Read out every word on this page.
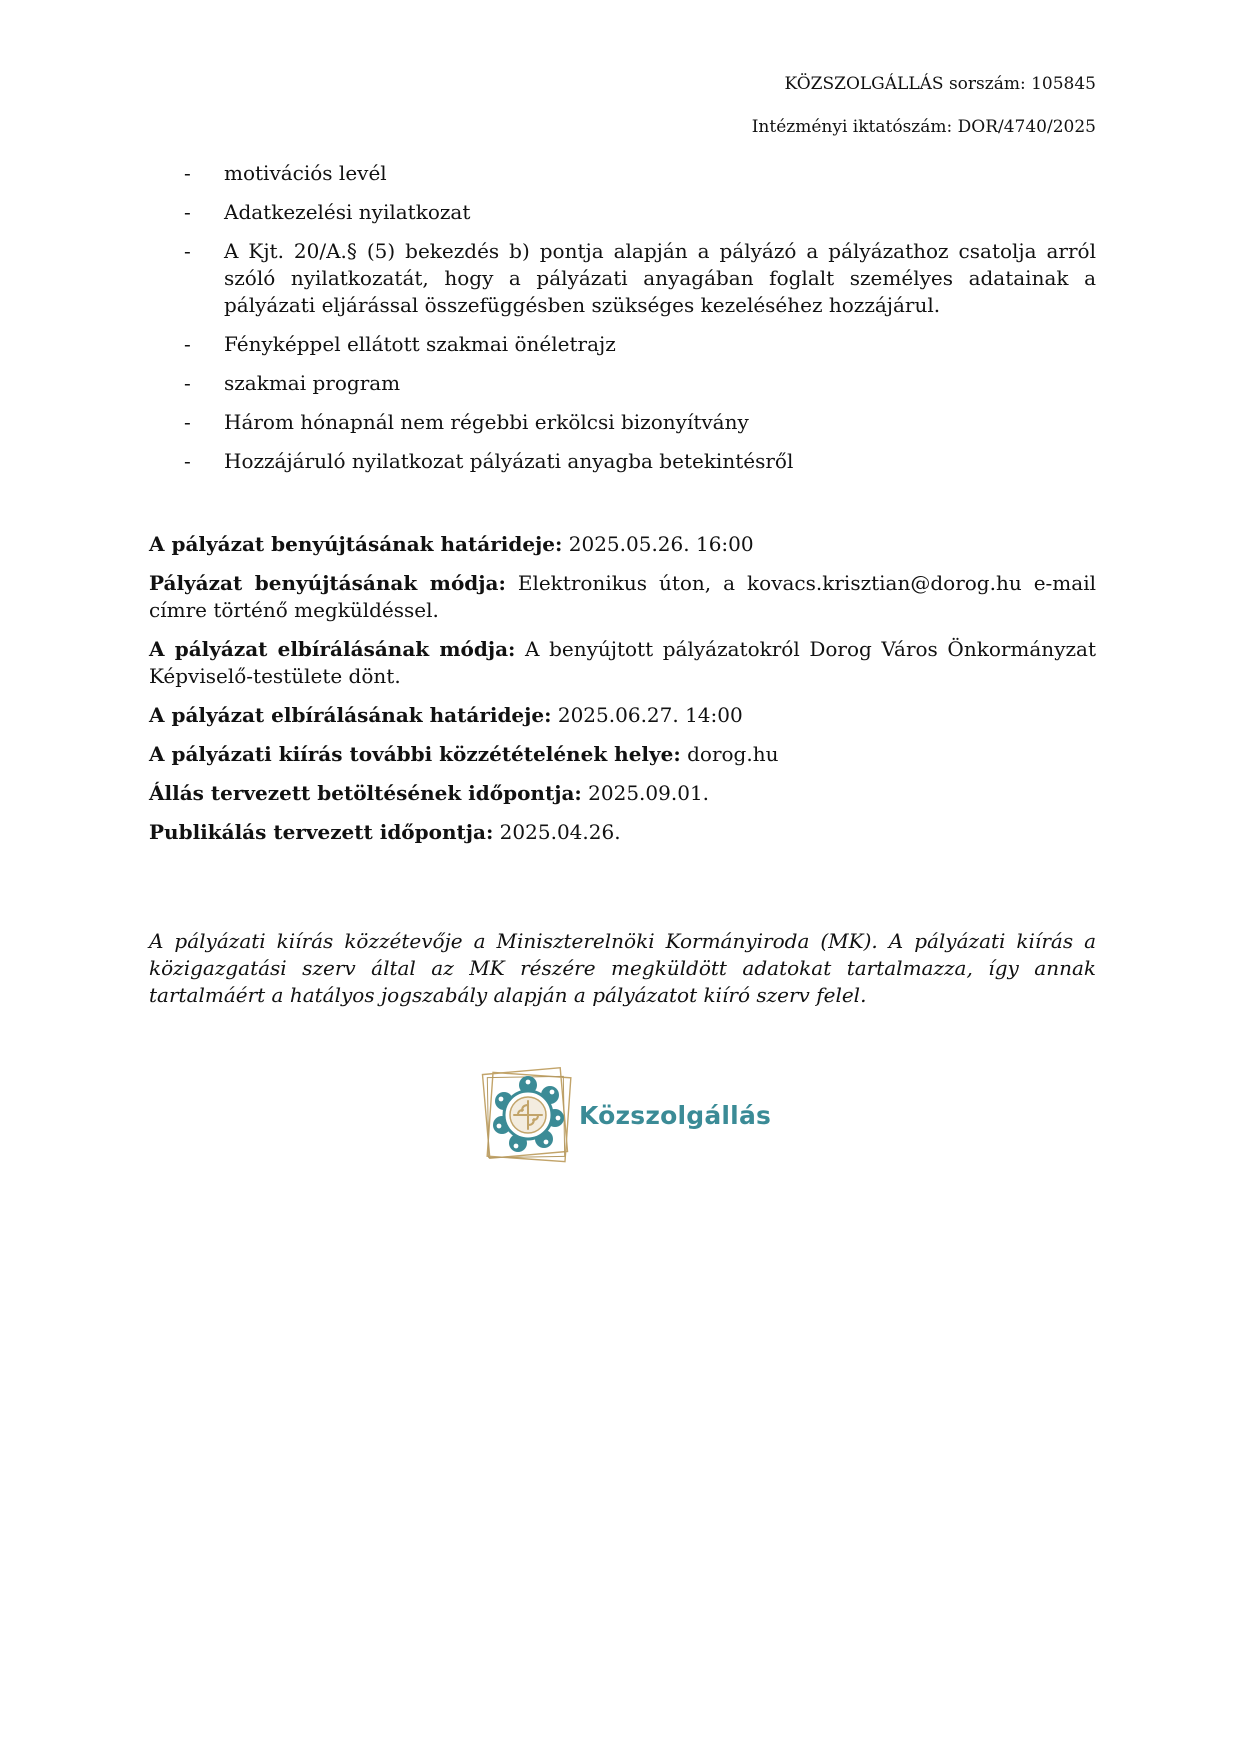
KÖZSZOLGÁLLÁS sorszám: 105845
Intézményi iktatószám: DOR/4740/2025
- motivációs levél
- Adatkezelési nyilatkozat
- A Kjt. 20/A.§ (5) bekezdés b) pontja alapján a pályázó a pályázathoz csatolja arról szóló nyilatkozatát, hogy a pályázati anyagában foglalt személyes adatainak a pályázati eljárással összefüggésben szükséges kezeléséhez hozzájárul.
- Fényképpel ellátott szakmai önéletrajz
- szakmai program
- Három hónapnál nem régebbi erkölcsi bizonyítvány
- Hozzájáruló nyilatkozat pályázati anyagba betekintésről

A pályázat benyújtásának határideje: 2025.05.26. 16:00

Pályázat benyújtásának módja: Elektronikus úton, a kovacs.krisztian@dorog.hu e-mail címre történő megküldéssel.

A pályázat elbírálásának módja: A benyújtott pályázatokról Dorog Város Önkormányzat Képviselő-testülete dönt.

A pályázat elbírálásának határideje: 2025.06.27. 14:00

A pályázati kiírás további közzétételének helye: dorog.hu

Állás tervezett betöltésének időpontja: 2025.09.01.

Publikálás tervezett időpontja: 2025.04.26.

A pályázati kiírás közzétevője a Miniszterelnöki Kormányiroda (MK). A pályázati kiírás a közigazgatási szerv által az MK részére megküldött adatokat tartalmazza, így annak tartalmáért a hatályos jogszabály alapján a pályázatot kiíró szerv felel.

Közszolgállás
